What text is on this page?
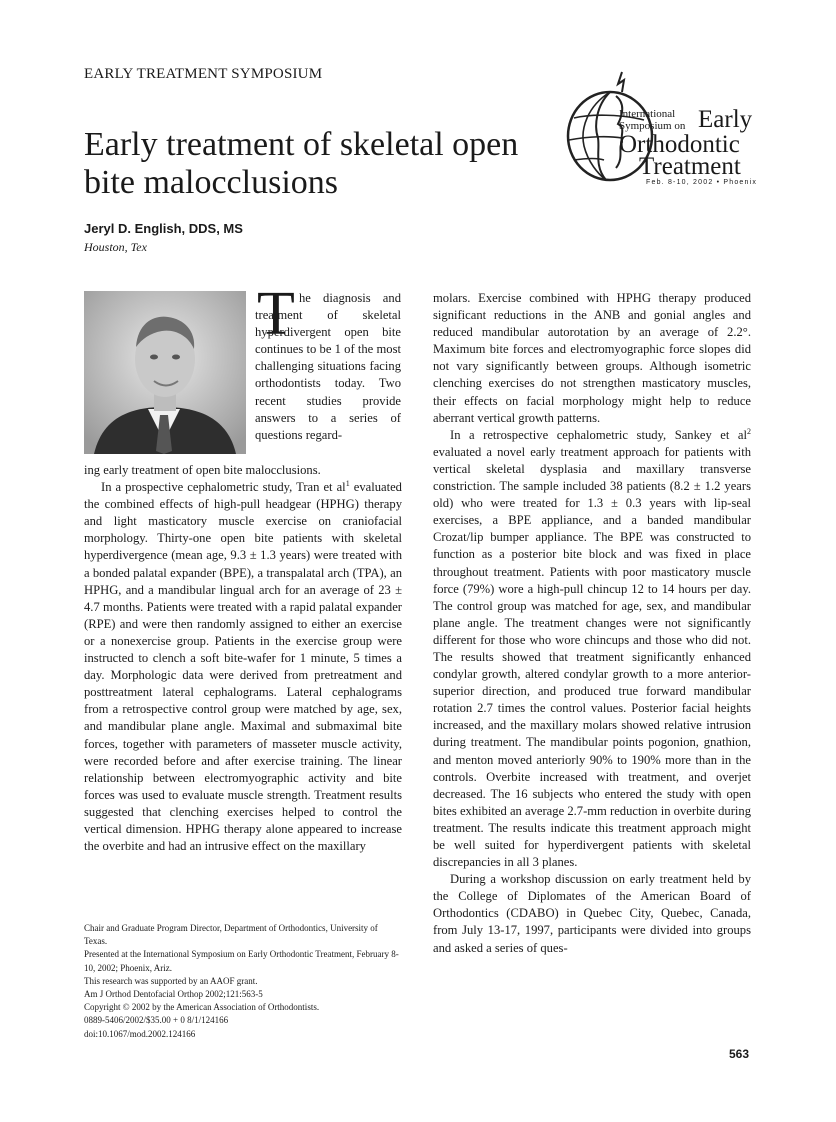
EARLY TREATMENT SYMPOSIUM
Early treatment of skeletal open bite malocclusions
Jeryl D. English, DDS, MS
Houston, Tex
International
Symposium on Early
Orthodontic
Treatment
Feb. 8-10, 2002 • Phoenix
T he diagnosis and treatment of skeletal hyperdivergent open bite continues to be 1 of the most challenging situations facing orthodontists today. Two recent studies provide answers to a series of questions regard-

ing early treatment of open bite malocclusions.

In a prospective cephalometric study, Tran et $al^1$ evaluated the combined effects of high-pull headgear (HPHG) therapy and light masticatory muscle exercise on craniofacial morphology. Thirty-one open bite patients with skeletal hyperdivergence (mean age, 9.3 ± 1.3 years) were treated with a bonded palatal expander (BPE), a transpalatal arch (TPA), an HPHG, and a mandibular lingual arch for an average of 23 ± 4.7 months. Patients were treated with a rapid palatal expander (RPE) and were then randomly assigned to either an exercise or a nonexercise group. Patients in the exercise group were instructed to clench a soft bite-wafer for 1 minute, 5 times a day. Morphologic data were derived from pretreatment and posttreatment lateral cephalograms. Lateral cephalograms from a retrospective control group were matched by age, sex, and mandibular plane angle. Maximal and submaximal bite forces, together with parameters of masseter muscle activity, were recorded before and after exercise training. The linear relationship between electromyographic activity and bite forces was used to evaluate muscle strength. Treatment results suggested that clenching exercises helped to control the vertical dimension. HPHG therapy alone appeared to increase the overbite and had an intrusive effect on the maxillary

molars. Exercise combined with HPHG therapy produced significant reductions in the ANB and gonial angles and reduced mandibular autorotation by an average of 2.2°. Maximum bite forces and electromyographic force slopes did not vary significantly between groups. Although isometric clenching exercises do not strengthen masticatory muscles, their effects on facial morphology might help to reduce aberrant vertical growth patterns.

In a retrospective cephalometric study, Sankey et $al^2$ evaluated a novel early treatment approach for patients with vertical skeletal dysplasia and maxillary transverse constriction. The sample included 38 patients (8.2 ± 1.2 years old) who were treated for 1.3 ± 0.3 years with lip-seal exercises, a BPE appliance, and a banded mandibular Crozat/lip bumper appliance. The BPE was constructed to function as a posterior bite block and was fixed in place throughout treatment. Patients with poor masticatory muscle force (79%) wore a high-pull chincup 12 to 14 hours per day. The control group was matched for age, sex, and mandibular plane angle. The treatment changes were not significantly different for those who wore chincups and those who did not. The results showed that treatment significantly enhanced condylar growth, altered condylar growth to a more anterior-superior direction, and produced true forward mandibular rotation 2.7 times the control values. Posterior facial heights increased, and the maxillary molars showed relative intrusion during treatment. The mandibular points pogonion, gnathion, and menton moved anteriorly 90% to 190% more than in the controls. Overbite increased with treatment, and overjet decreased. The 16 subjects who entered the study with open bites exhibited an average 2.7-mm reduction in overbite during treatment. The results indicate this treatment approach might be well suited for hyperdivergent patients with skeletal discrepancies in all 3 planes.

During a workshop discussion on early treatment held by the College of Diplomates of the American Board of Orthodontics (CDABO) in Quebec City, Quebec, Canada, from July 13-17, 1997, participants were divided into groups and asked a series of ques-

Chair and Graduate Program Director, Department of Orthodontics, University of Texas.
Presented at the International Symposium on Early Orthodontic Treatment, February 8-10, 2002; Phoenix, Ariz.
This research was supported by an AAOF grant.
Am J Orthod Dentofacial Orthop 2002;121:563-5
Copyright © 2002 by the American Association of Orthodontists.
0889-5406/2002/$35.00 + 0 8/1/124166
doi:10.1067/mod.2002.124166
563
